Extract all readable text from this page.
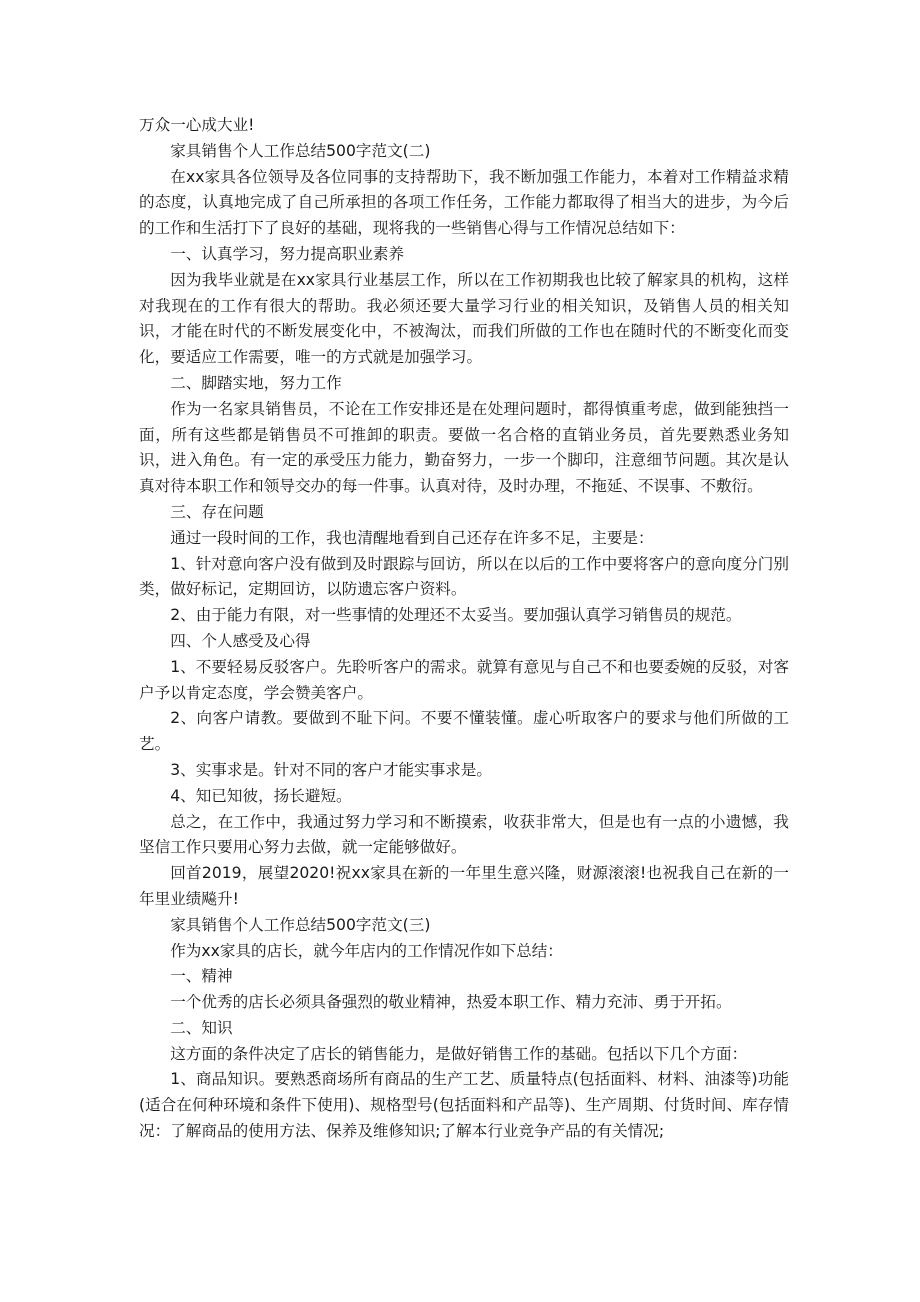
万众一心成大业!

家具销售个人工作总结500字范文(二)

在xx家具各位领导及各位同事的支持帮助下，我不断加强工作能力，本着对工作精益求精的态度，认真地完成了自己所承担的各项工作任务，工作能力都取得了相当大的进步，为今后的工作和生活打下了良好的基础，现将我的一些销售心得与工作情况总结如下：

一、认真学习，努力提高职业素养

因为我毕业就是在xx家具行业基层工作，所以在工作初期我也比较了解家具的机构，这样对我现在的工作有很大的帮助。我必须还要大量学习行业的相关知识，及销售人员的相关知识，才能在时代的不断发展变化中，不被淘汰，而我们所做的工作也在随时代的不断变化而变化，要适应工作需要，唯一的方式就是加强学习。

二、脚踏实地，努力工作

作为一名家具销售员，不论在工作安排还是在处理问题时，都得慎重考虑，做到能独挡一面，所有这些都是销售员不可推卸的职责。要做一名合格的直销业务员，首先要熟悉业务知识，进入角色。有一定的承受压力能力，勤奋努力，一步一个脚印，注意细节问题。其次是认真对待本职工作和领导交办的每一件事。认真对待，及时办理，不拖延、不误事、不敷衍。

三、存在问题

通过一段时间的工作，我也清醒地看到自己还存在许多不足，主要是：

1、针对意向客户没有做到及时跟踪与回访，所以在以后的工作中要将客户的意向度分门别类，做好标记，定期回访，以防遗忘客户资料。

2、由于能力有限，对一些事情的处理还不太妥当。要加强认真学习销售员的规范。

四、个人感受及心得

1、不要轻易反驳客户。先聆听客户的需求。就算有意见与自己不和也要委婉的反驳，对客户予以肯定态度，学会赞美客户。

2、向客户请教。要做到不耻下问。不要不懂装懂。虚心听取客户的要求与他们所做的工艺。

3、实事求是。针对不同的客户才能实事求是。

4、知已知彼，扬长避短。

总之，在工作中，我通过努力学习和不断摸索，收获非常大，但是也有一点的小遗憾，我坚信工作只要用心努力去做，就一定能够做好。

回首2019，展望2020!祝xx家具在新的一年里生意兴隆，财源滚滚!也祝我自己在新的一年里业绩飚升!

家具销售个人工作总结500字范文(三)

作为xx家具的店长，就今年店内的工作情况作如下总结：

一、精神

一个优秀的店长必须具备强烈的敬业精神，热爱本职工作、精力充沛、勇于开拓。

二、知识

这方面的条件决定了店长的销售能力，是做好销售工作的基础。包括以下几个方面：

1、商品知识。要熟悉商场所有商品的生产工艺、质量特点(包括面料、材料、油漆等)功能(适合在何种环境和条件下使用)、规格型号(包括面料和产品等)、生产周期、付货时间、库存情况：了解商品的使用方法、保养及维修知识;了解本行业竞争产品的有关情况;
